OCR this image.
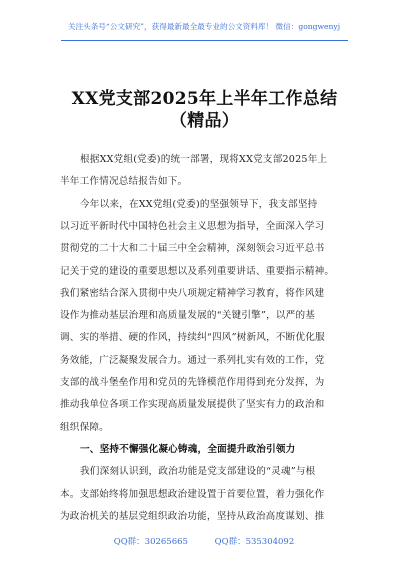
关注头条号“公文研究”，获得最新最全最专业的公文资料库！ 微信：gongwenyj
XX党支部2025年上半年工作总结
（精品）
根据XX党组(党委)的统一部署，现将XX党支部2025年上
半年工作情况总结报告如下。
今年以来，在XX党组(党委)的坚强领导下，我支部坚持
以习近平新时代中国特色社会主义思想为指导，全面深入学习
贯彻党的二十大和二十届三中全会精神，深刻领会习近平总书
记关于党的建设的重要思想以及系列重要讲话、重要指示精神。
我们紧密结合深入贯彻中央八项规定精神学习教育，将作风建
设作为推动基层治理和高质量发展的“关键引擎”，以严的基
调、实的举措、硬的作风，持续纠“四风”树新风，不断优化服
务效能，广泛凝聚发展合力。通过一系列扎实有效的工作，党
支部的战斗堡垒作用和党员的先锋模范作用得到充分发挥，为
推动我单位各项工作实现高质量发展提供了坚实有力的政治和
组织保障。
一、坚持不懈强化凝心铸魂，全面提升政治引领力
我们深刻认识到，政治功能是党支部建设的“灵魂”与根
本。支部始终将加强思想政治建设置于首要位置，着力强化作
为政治机关的基层党组织政治功能，坚持从政治高度谋划、推
QQ群：30265665	QQ群：535304092
